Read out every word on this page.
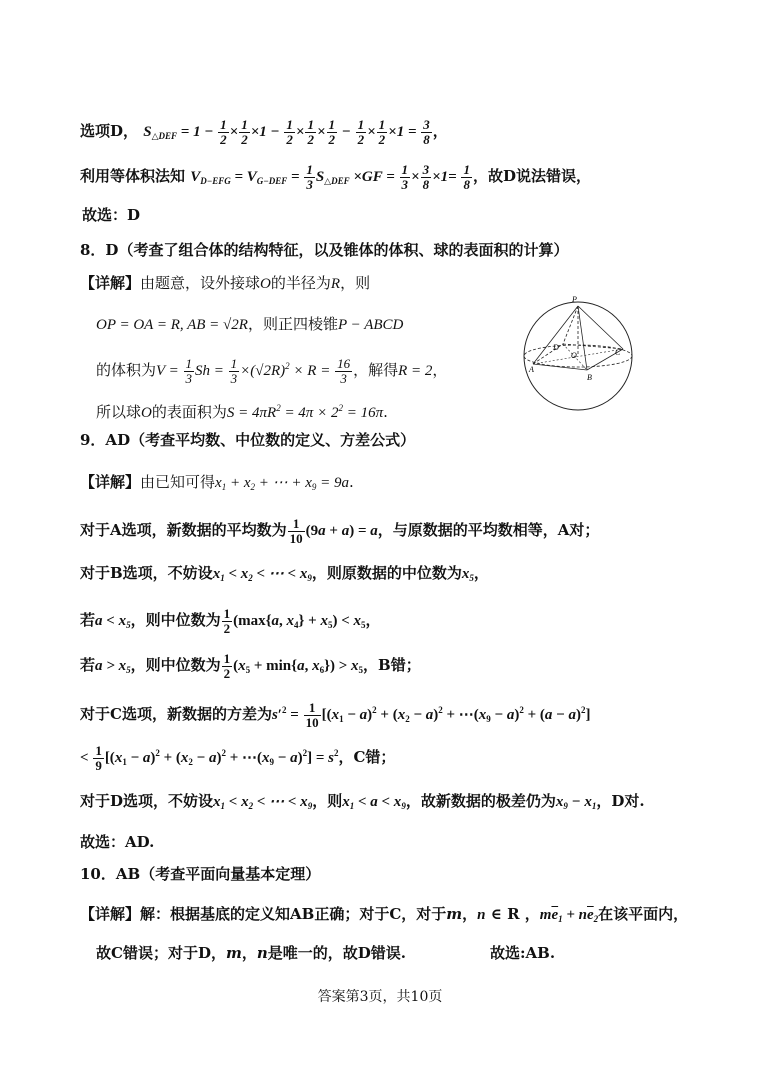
选项D， $S_{\triangle DEF} = 1 - \frac{1}{2} \times \frac{1}{2} \times 1 - \frac{1}{2} \times \frac{1}{2} \times \frac{1}{2} - \frac{1}{2} \times \frac{1}{2} \times 1 = \frac{3}{8}$ ，
利用等体积法知 $V_{D-EFG} = V_{G-DEF} = \frac{1}{3} S_{\triangle DEF} \times GF = \frac{1}{3} \times \frac{3}{8} \times 1= \frac{1}{8}$ ，故D说法错误，
故选：D
8．D（考查了组合体的结构特征，以及锥体的体积、球的表面积的计算）
【详解】由题意，设外接球O的半径为R，则
OP = OA = R, AB = √2R，则正四棱锥P − ABCD
的体积为$V = \frac{1}{3}$ $Sh = \frac{1}{3} \times(√2R)^2 \times R = \frac{16}{3}$ ，解得R = 2，
所以球O的表面积为$S = 4\pi R^2 = 4\pi \times 2^2 = 16\pi$.
P
D
C
O
A
B
9．AD（考查平均数、中位数的定义、方差公式）
【详解】由已知可得$x_1 + x_2$ + ⋯ + $x_9 = 9a$.
对于A选项，新数据的平均数为 $\frac{1}{10} (9a + a) = a$，与原数据的平均数相等，A对；
对于B选项，不妨设$x_1 < x_2$ < ⋯ < $x_9$，则原数据的中位数为$x_5$，
若$a < x_5$，则中位数为 $\frac{1}{2} (\max\{a$, $x_4\} + x_5) < x_5$，
若$a > x_5$，则中位数为 $\frac{1}{2} (x_5 + \min\{a$, $x_6\}) > x_5$，B错；
对于C选项，新数据的方差为$s'^2 = \frac{1}{10} [(x_1 - a)^2 + (x_2 - a)^2$ + $\cdots(x_9 - a)^2 + (a - a)^2$]
< $\frac{1}{9} [(x_1 - a)^2 + (x_2 - a)^2$ + $\cdots(x_9 - a)^2] = s^2$，C错；
对于D选项，不妨设$x_1 < x_2$ < ⋯ < $x_9$，则$x_1 < a < x_9$，故新数据的极差仍为$x_9 - x_1$，D对.
故选：AD.
10．AB（考查平面向量基本定理）
【详解】解：根据基底的定义知AB正确；对于C，对于m，n ∈ R ，$m\overline{e}_1 + n\overline{e}_2$在该平面内，
故C错误；对于D，m，n是唯一的，故D错误.	故选:AB.
答案第3页，共10页
